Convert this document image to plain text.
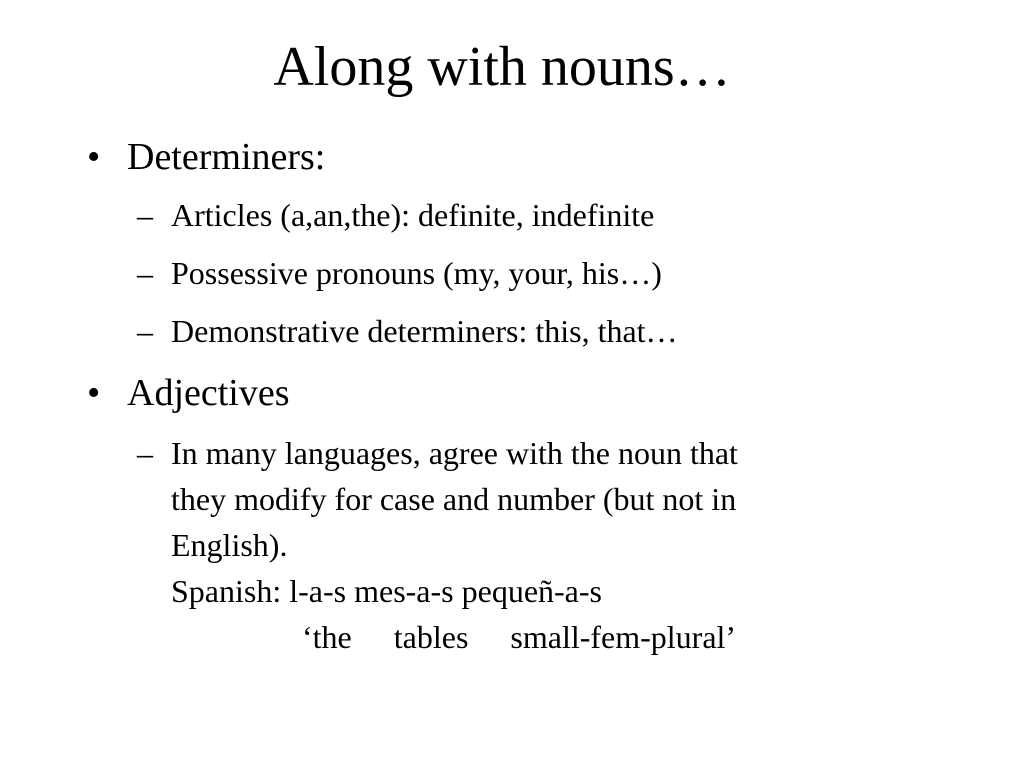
Along with nouns…
• Determiners:
– Articles (a,an,the): definite, indefinite
– Possessive pronouns (my, your, his…)
– Demonstrative determiners: this, that…
• Adjectives
– In many languages, agree with the noun that
they modify for case and number (but not in
English).
Spanish: l-a-s mes-a-s pequeñ-a-s
‘the tables small-fem-plural’
